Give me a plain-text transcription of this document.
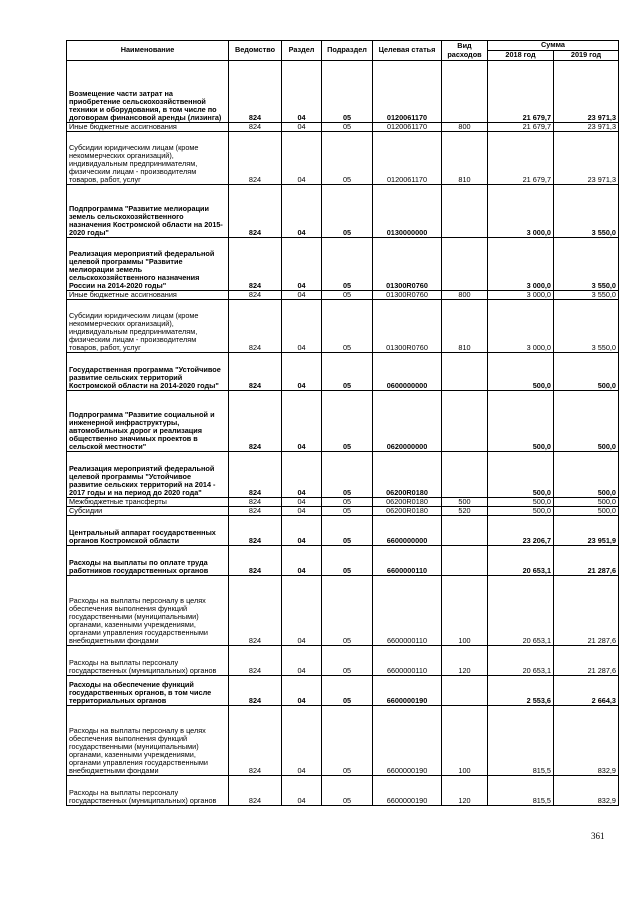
Наименование	Ведомство	Раздел	Подраздел	Целевая статья	Вид расходов	Сумма	
						2018 год	2019 год
Возмещение части затрат на приобретение сельскохозяйственной техники и оборудования, в том числе по договорам финансовой аренды (лизинга)	824	04	05	0120061170		21 679,7	23 971,3
Иные бюджетные ассигнования	824	04	05	0120061170	800	21 679,7	23 971,3
Субсидии юридическим лицам (кроме некоммерческих организаций), индивидуальным предпринимателям, физическим лицам - производителям товаров, работ, услуг	824	04	05	0120061170	810	21 679,7	23 971,3
Подпрограмма "Развитие мелиорации земель сельскохозяйственного назначения Костромской области на 2015-2020 годы"	824	04	05	0130000000		3 000,0	3 550,0
Реализация мероприятий федеральной целевой программы "Развитие мелиорации земель сельскохозяйственного назначения России на 2014-2020 годы"	824	04	05	01300R0760		3 000,0	3 550,0
Иные бюджетные ассигнования	824	04	05	01300R0760	800	3 000,0	3 550,0
Субсидии юридическим лицам (кроме некоммерческих организаций), индивидуальным предпринимателям, физическим лицам - производителям товаров, работ, услуг	824	04	05	01300R0760	810	3 000,0	3 550,0
Государственная программа "Устойчивое развитие сельских территорий Костромской области на 2014-2020 годы"	824	04	05	0600000000		500,0	500,0
Подпрограмма "Развитие социальной и инженерной инфраструктуры, автомобильных дорог и реализация общественно значимых проектов в сельской местности"	824	04	05	0620000000		500,0	500,0
Реализация мероприятий федеральной целевой программы "Устойчивое развитие сельских территорий на 2014 - 2017 годы и на период до 2020 года"	824	04	05	06200R0180		500,0	500,0
Межбюджетные трансферты	824	04	05	06200R0180	500	500,0	500,0
Субсидии	824	04	05	06200R0180	520	500,0	500,0
Центральный аппарат государственных органов Костромской области	824	04	05	6600000000		23 206,7	23 951,9
Расходы на выплаты по оплате труда работников государственных органов	824	04	05	6600000110		20 653,1	21 287,6
Расходы на выплаты персоналу в целях обеспечения выполнения функций государственными (муниципальными) органами, казенными учреждениями, органами управления государственными внебюджетными фондами	824	04	05	6600000110	100	20 653,1	21 287,6
Расходы на выплаты персоналу государственных (муниципальных) органов	824	04	05	6600000110	120	20 653,1	21 287,6
Расходы на обеспечение функций государственных органов, в том числе территориальных органов	824	04	05	6600000190		2 553,6	2 664,3
Расходы на выплаты персоналу в целях обеспечения выполнения функций государственными (муниципальными) органами, казенными учреждениями, органами управления государственными внебюджетными фондами	824	04	05	6600000190	100	815,5	832,9
Расходы на выплаты персоналу государственных (муниципальных) органов	824	04	05	6600000190	120	815,5	832,9
361
